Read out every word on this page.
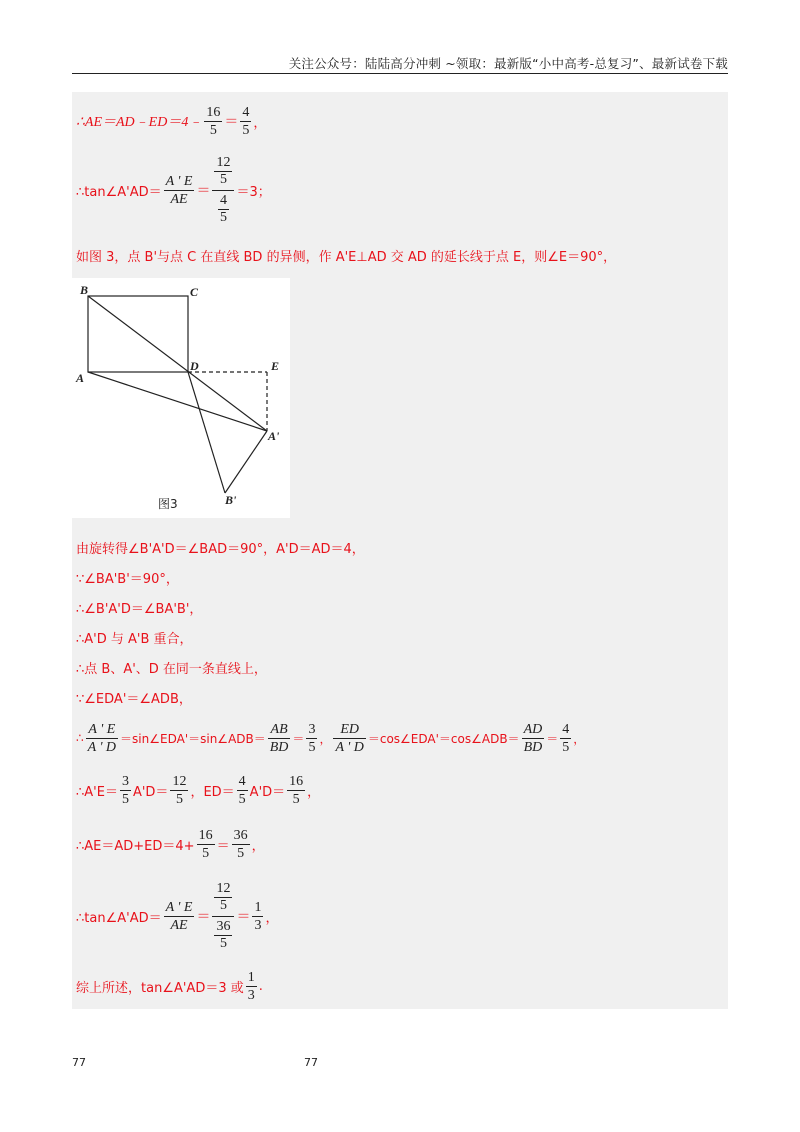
关注公众号：陆陆高分冲刺 ~领取：最新版“小中高考-总复习”、最新试卷下载
∴AE＝AD﹣ED＝4﹣ $\frac{16}{5} = \frac{4}{5}$ ，
∴tan∠A'AD＝ $\frac{A ' E}{AE} = \frac{\frac{12}{5}}{\frac{4}{5}} =3$；
如图 3，点 B'与点 C 在直线 BD 的异侧，作 A'E⊥AD 交 AD 的延长线于点 E，则∠E＝90°，
B	C
D	E
A
A'
B'
图3
由旋转得∠B'A'D＝∠BAD＝90°，A'D＝AD＝4，
∵∠BA'B'＝90°，
∴∠B'A'D＝∠BA'B'，
∴A'D 与 A'B 重合，
∴点 B、A'、D 在同一条直线上，
∵∠EDA'＝∠ADB，
∴ $\frac{A ' E}{A ' D}$ ＝sin∠EDA'＝sin∠ADB＝ $\frac{AB}{BD} = \frac{3}{5}$ ， $\frac{ED}{A ' D}$ ＝cos∠EDA'＝cos∠ADB＝ $\frac{AD}{BD} = \frac{4}{5}$ ，
∴A'E＝ $\frac{3}{5} A'D= \frac{12}{5}$ ，$ED= \frac{4}{5} A'D= \frac{16}{5}$ ，
∴AE＝AD+ED＝4+ $\frac{16}{5} = \frac{36}{5}$ ，
∴tan∠A'AD＝ $\frac{A ' E}{AE} = \frac{\frac{12}{5}}{\frac{36}{5}} = \frac{1}{3}$ ，
综上所述，tan∠A'AD＝3 或 $\frac{1}{3}$ .
77	77
